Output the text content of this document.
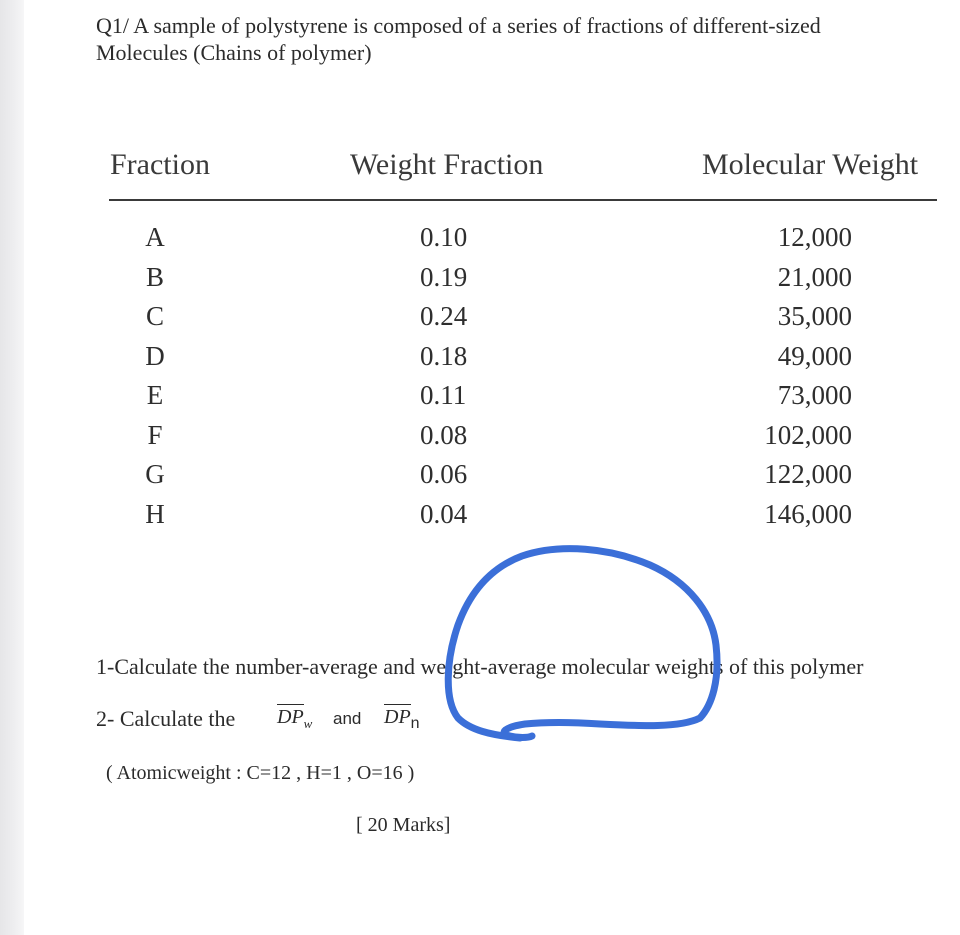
Q1/ A sample of polystyrene is composed of a series of fractions of different-sized
Molecules (Chains of polymer)
Fraction	Weight Fraction	Molecular Weight
A	0.10	12,000
B	0.19	21,000
C	0.24	35,000
D	0.18	49,000
E	0.11	73,000
F	0.08	102,000
G	0.06	122,000
H	0.04	146,000
1-Calculate the number-average and weight-average molecular weights of this polymer
2- Calculate the $DP_w$ and $DP_n$
( Atomicweight : C=12 , H=1 , O=16 )
[ 20 Marks]
